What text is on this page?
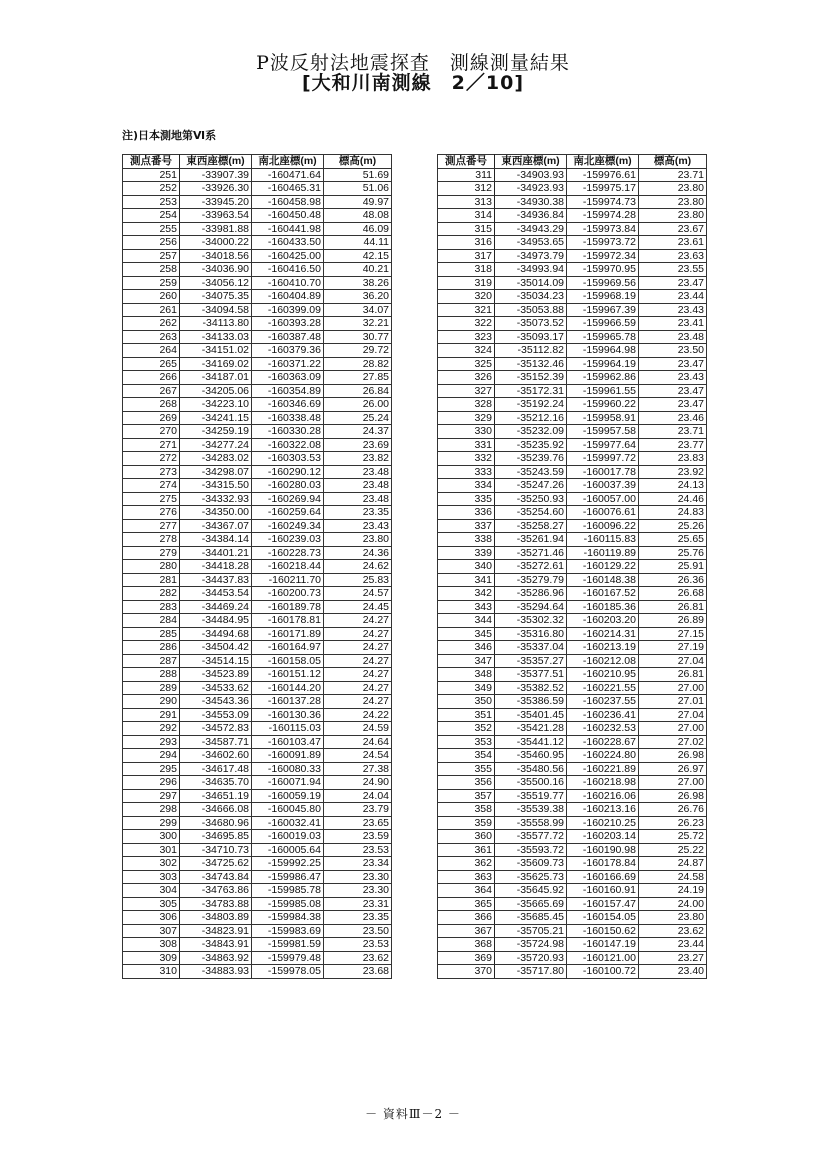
P波反射法地震探査　測線測量結果
[大和川南測線　2／10]
注)日本測地第Ⅵ系
測点番号	東西座標(m)	南北座標(m)	標高(m)
251	-33907.39	-160471.64	51.69
252	-33926.30	-160465.31	51.06
253	-33945.20	-160458.98	49.97
254	-33963.54	-160450.48	48.08
255	-33981.88	-160441.98	46.09
256	-34000.22	-160433.50	44.11
257	-34018.56	-160425.00	42.15
258	-34036.90	-160416.50	40.21
259	-34056.12	-160410.70	38.26
260	-34075.35	-160404.89	36.20
261	-34094.58	-160399.09	34.07
262	-34113.80	-160393.28	32.21
263	-34133.03	-160387.48	30.77
264	-34151.02	-160379.36	29.72
265	-34169.02	-160371.22	28.82
266	-34187.01	-160363.09	27.85
267	-34205.06	-160354.89	26.84
268	-34223.10	-160346.69	26.00
269	-34241.15	-160338.48	25.24
270	-34259.19	-160330.28	24.37
271	-34277.24	-160322.08	23.69
272	-34283.02	-160303.53	23.82
273	-34298.07	-160290.12	23.48
274	-34315.50	-160280.03	23.48
275	-34332.93	-160269.94	23.48
276	-34350.00	-160259.64	23.35
277	-34367.07	-160249.34	23.43
278	-34384.14	-160239.03	23.80
279	-34401.21	-160228.73	24.36
280	-34418.28	-160218.44	24.62
281	-34437.83	-160211.70	25.83
282	-34453.54	-160200.73	24.57
283	-34469.24	-160189.78	24.45
284	-34484.95	-160178.81	24.27
285	-34494.68	-160171.89	24.27
286	-34504.42	-160164.97	24.27
287	-34514.15	-160158.05	24.27
288	-34523.89	-160151.12	24.27
289	-34533.62	-160144.20	24.27
290	-34543.36	-160137.28	24.27
291	-34553.09	-160130.36	24.22
292	-34572.83	-160115.03	24.59
293	-34587.71	-160103.47	24.64
294	-34602.60	-160091.89	24.54
295	-34617.48	-160080.33	27.38
296	-34635.70	-160071.94	24.90
297	-34651.19	-160059.19	24.04
298	-34666.08	-160045.80	23.79
299	-34680.96	-160032.41	23.65
300	-34695.85	-160019.03	23.59
301	-34710.73	-160005.64	23.53
302	-34725.62	-159992.25	23.34
303	-34743.84	-159986.47	23.30
304	-34763.86	-159985.78	23.30
305	-34783.88	-159985.08	23.31
306	-34803.89	-159984.38	23.35
307	-34823.91	-159983.69	23.50
308	-34843.91	-159981.59	23.53
309	-34863.92	-159979.48	23.62
310	-34883.93	-159978.05	23.68
測点番号	東西座標(m)	南北座標(m)	標高(m)
311	-34903.93	-159976.61	23.71
312	-34923.93	-159975.17	23.80
313	-34930.38	-159974.73	23.80
314	-34936.84	-159974.28	23.80
315	-34943.29	-159973.84	23.67
316	-34953.65	-159973.72	23.61
317	-34973.79	-159972.34	23.63
318	-34993.94	-159970.95	23.55
319	-35014.09	-159969.56	23.47
320	-35034.23	-159968.19	23.44
321	-35053.88	-159967.39	23.43
322	-35073.52	-159966.59	23.41
323	-35093.17	-159965.78	23.48
324	-35112.82	-159964.98	23.50
325	-35132.46	-159964.19	23.47
326	-35152.39	-159962.86	23.43
327	-35172.31	-159961.55	23.47
328	-35192.24	-159960.22	23.47
329	-35212.16	-159958.91	23.46
330	-35232.09	-159957.58	23.71
331	-35235.92	-159977.64	23.77
332	-35239.76	-159997.72	23.83
333	-35243.59	-160017.78	23.92
334	-35247.26	-160037.39	24.13
335	-35250.93	-160057.00	24.46
336	-35254.60	-160076.61	24.83
337	-35258.27	-160096.22	25.26
338	-35261.94	-160115.83	25.65
339	-35271.46	-160119.89	25.76
340	-35272.61	-160129.22	25.91
341	-35279.79	-160148.38	26.36
342	-35286.96	-160167.52	26.68
343	-35294.64	-160185.36	26.81
344	-35302.32	-160203.20	26.89
345	-35316.80	-160214.31	27.15
346	-35337.04	-160213.19	27.19
347	-35357.27	-160212.08	27.04
348	-35377.51	-160210.95	26.81
349	-35382.52	-160221.55	27.00
350	-35386.59	-160237.55	27.01
351	-35401.45	-160236.41	27.04
352	-35421.28	-160232.53	27.00
353	-35441.12	-160228.67	27.02
354	-35460.95	-160224.80	26.98
355	-35480.56	-160221.89	26.97
356	-35500.16	-160218.98	27.00
357	-35519.77	-160216.06	26.98
358	-35539.38	-160213.16	26.76
359	-35558.99	-160210.25	26.23
360	-35577.72	-160203.14	25.72
361	-35593.72	-160190.98	25.22
362	-35609.73	-160178.84	24.87
363	-35625.73	-160166.69	24.58
364	-35645.92	-160160.91	24.19
365	-35665.69	-160157.47	24.00
366	-35685.45	-160154.05	23.80
367	-35705.21	-160150.62	23.62
368	-35724.98	-160147.19	23.44
369	-35720.93	-160121.00	23.27
370	-35717.80	-160100.72	23.40
－ 資料Ⅲ－2 －
